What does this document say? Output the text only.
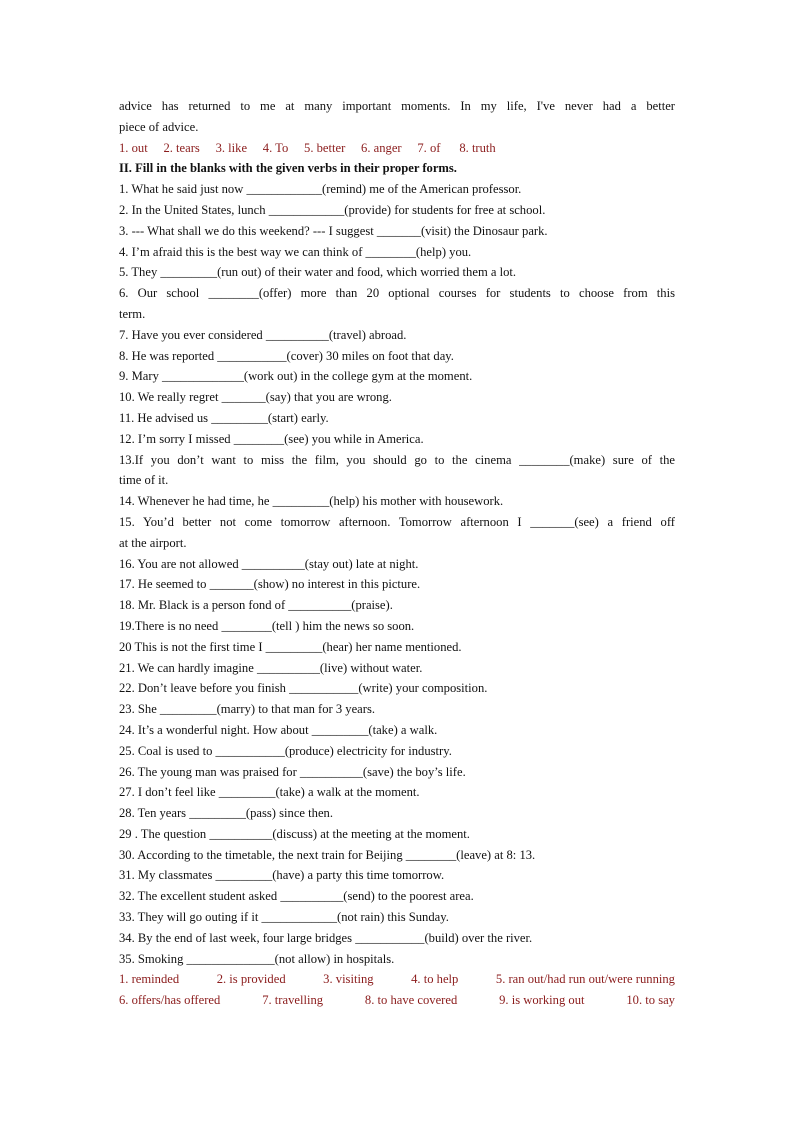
advice has returned to me at many important moments. In my life, I've never had a better
piece of advice.
1. out 2. tears 3. like 4. To 5. better 6. anger 7. of 8. truth
II. Fill in the blanks with the given verbs in their proper forms.
1. What he said just now ____________(remind) me of the American professor.
2. In the United States, lunch ____________(provide) for students for free at school.
3. --- What shall we do this weekend? --- I suggest _______(visit) the Dinosaur park.
4. I’m afraid this is the best way we can think of ________(help) you.
5. They _________(run out) of their water and food, which worried them a lot.
6. Our school ________(offer) more than 20 optional courses for students to choose from this
term.
7. Have you ever considered __________(travel) abroad.
8. He was reported ___________(cover) 30 miles on foot that day.
9. Mary _____________(work out) in the college gym at the moment.
10. We really regret _______(say) that you are wrong.
11. He advised us _________(start) early.
12. I’m sorry I missed ________(see) you while in America.
13.If you don’t want to miss the film, you should go to the cinema ________(make) sure of the
time of it.
14. Whenever he had time, he _________(help) his mother with housework.
15. You’d better not come tomorrow afternoon. Tomorrow afternoon I _______(see) a friend off
at the airport.
16. You are not allowed __________(stay out) late at night.
17. He seemed to _______(show) no interest in this picture.
18. Mr. Black is a person fond of __________(praise).
19.There is no need ________(tell ) him the news so soon.
20 This is not the first time I _________(hear) her name mentioned.
21. We can hardly imagine __________(live) without water.
22. Don’t leave before you finish ___________(write) your composition.
23. She _________(marry) to that man for 3 years.
24. It’s a wonderful night. How about _________(take) a walk.
25. Coal is used to ___________(produce) electricity for industry.
26. The young man was praised for __________(save) the boy’s life.
27. I don’t feel like _________(take) a walk at the moment.
28. Ten years _________(pass) since then.
29 . The question __________(discuss) at the meeting at the moment.
30. According to the timetable, the next train for Beijing ________(leave) at 8: 13.
31. My classmates _________(have) a party this time tomorrow.
32. The excellent student asked __________(send) to the poorest area.
33. They will go outing if it ____________(not rain) this Sunday.
34. By the end of last week, four large bridges ___________(build) over the river.
35. Smoking ______________(not allow) in hospitals.
1. reminded	2. is provided	3. visiting	4. to help	5. ran out/had run out/were running
6. offers/has offered	7. travelling	8. to have covered	9. is working out	10. to say
